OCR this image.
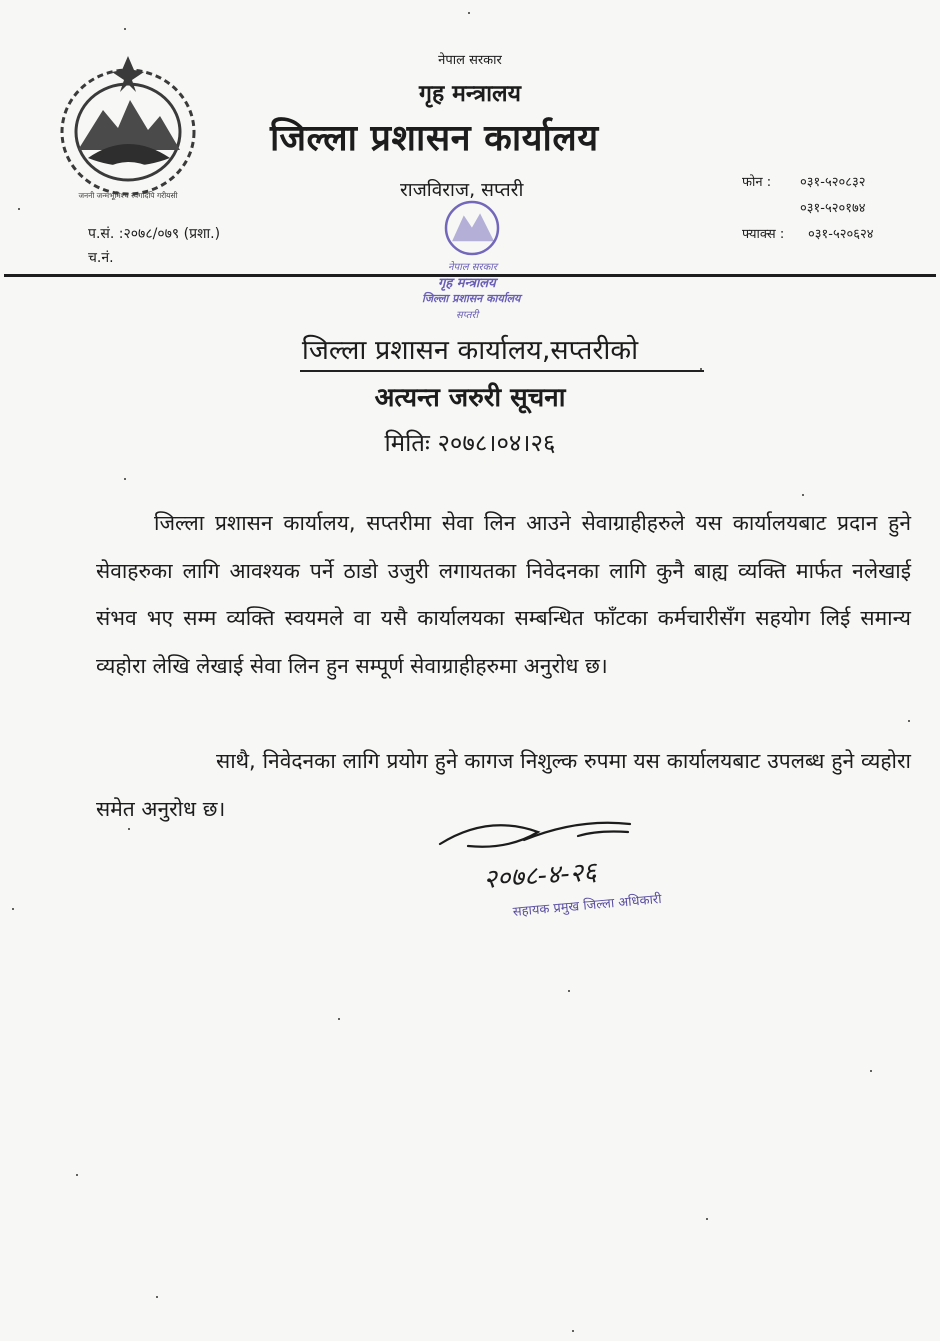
जननी जन्मभूमिश्च स्वर्गादपि गरीयसी
नेपाल सरकार
गृह मन्त्रालय
जिल्ला प्रशासन कार्यालय
राजविराज, सप्तरी	फोन : ०३१-५२०८३२
०३१-५२०१७४
फ्याक्स : ०३१-५२०६२४
प.सं. :२०७८/०७९ (प्रशा.)
च.नं.
नेपाल सरकार
गृह मन्त्रालय
जिल्ला प्रशासन कार्यालय
सप्तरी
जिल्ला प्रशासन कार्यालय,सप्तरीको
अत्यन्त जरुरी सूचना
मितिः २०७८।०४।२६
जिल्ला प्रशासन कार्यालय, सप्तरीमा सेवा लिन आउने सेवाग्राहीहरुले यस कार्यालयबाट प्रदान हुने सेवाहरुका लागि आवश्यक पर्ने ठाडो उजुरी लगायतका निवेदनका लागि कुनै बाह्य व्यक्ति मार्फत नलेखाई संभव भए सम्म व्यक्ति स्वयमले वा यसै कार्यालयका सम्बन्धित फाँटका कर्मचारीसँग सहयोग लिई समान्य व्यहोरा लेखि लेखाई सेवा लिन हुन सम्पूर्ण सेवाग्राहीहरुमा अनुरोध छ।
साथै, निवेदनका लागि प्रयोग हुने कागज निशुल्क रुपमा यस कार्यालयबाट उपलब्ध हुने व्यहोरा समेत अनुरोध छ।
२०७८-४-२६
सहायक प्रमुख जिल्ला अधिकारी
